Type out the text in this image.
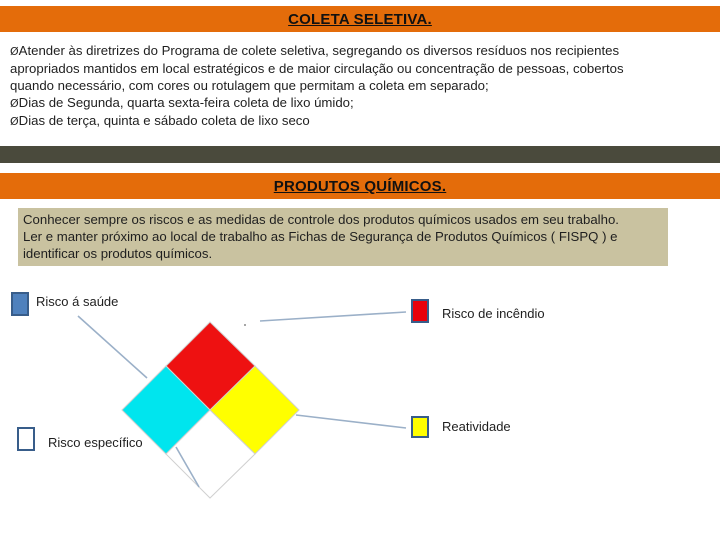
COLETA SELETIVA.
ØAtender às diretrizes do Programa de colete seletiva, segregando os diversos resíduos nos recipientes
apropriados mantidos em local estratégicos e de maior circulação ou concentração de pessoas, cobertos
quando necessário, com cores ou rotulagem que permitam a coleta em separado;
ØDias de Segunda, quarta sexta-feira coleta de lixo úmido;
ØDias de terça, quinta e sábado coleta de lixo seco
PRODUTOS QUÍMICOS.
Conhecer sempre os riscos e as medidas de controle dos produtos químicos usados em seu trabalho.
Ler e manter próximo ao local de trabalho as Fichas de Segurança de Produtos Químicos ( FISPQ ) e
identificar os produtos químicos.
Risco á saúde
Risco de incêndio
Reatividade
Risco específico
